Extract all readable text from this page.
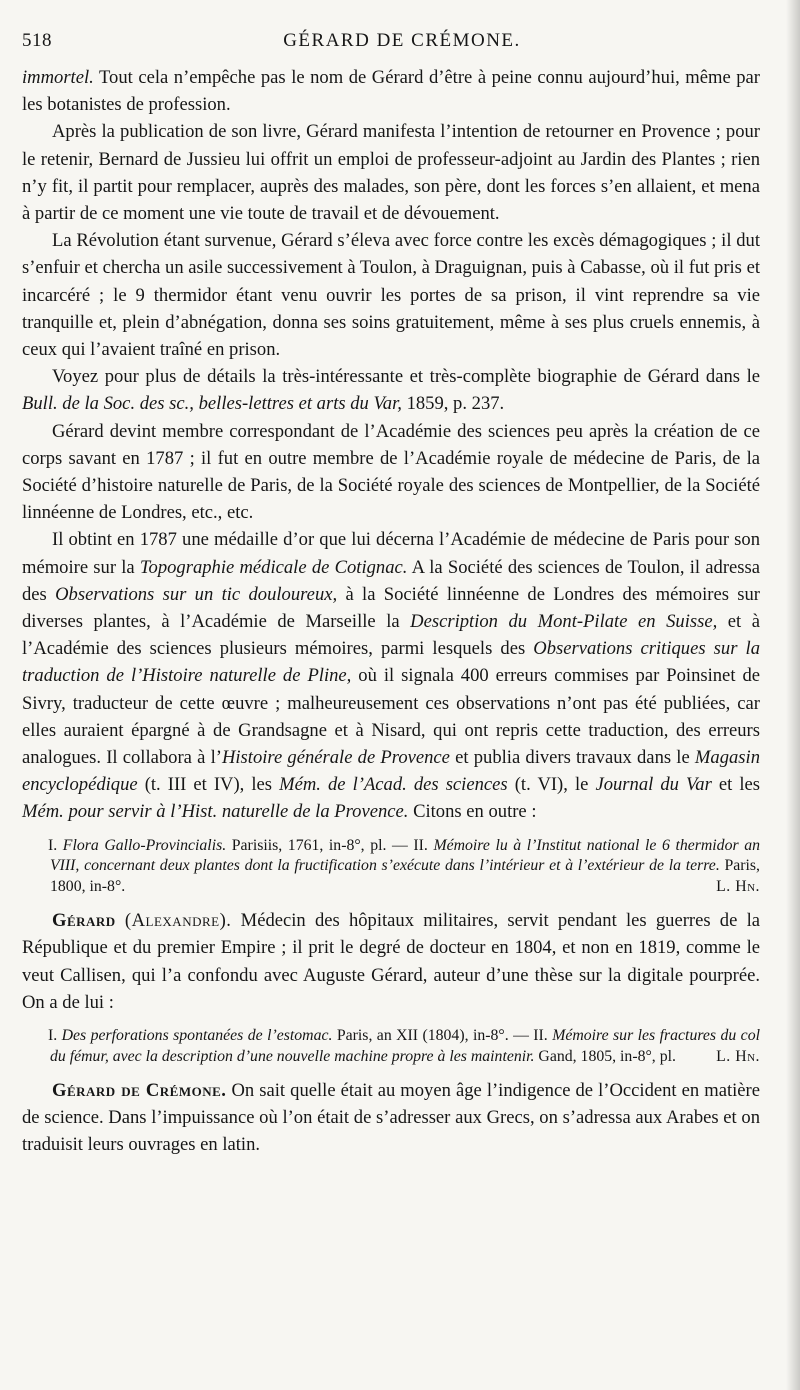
518	GÉRARD DE CRÉMONE.

immortel. Tout cela n’empêche pas le nom de Gérard d’être à peine connu aujourd’hui, même par les botanistes de profession.

Après la publication de son livre, Gérard manifesta l’intention de retourner en Provence ; pour le retenir, Bernard de Jussieu lui offrit un emploi de professeur-adjoint au Jardin des Plantes ; rien n’y fit, il partit pour remplacer, auprès des malades, son père, dont les forces s’en allaient, et mena à partir de ce moment une vie toute de travail et de dévouement.

La Révolution étant survenue, Gérard s’éleva avec force contre les excès démagogiques ; il dut s’enfuir et chercha un asile successivement à Toulon, à Draguignan, puis à Cabasse, où il fut pris et incarcéré ; le 9 thermidor étant venu ouvrir les portes de sa prison, il vint reprendre sa vie tranquille et, plein d’abnégation, donna ses soins gratuitement, même à ses plus cruels ennemis, à ceux qui l’avaient traîné en prison.

Voyez pour plus de détails la très-intéressante et très-complète biographie de Gérard dans le Bull. de la Soc. des sc., belles-lettres et arts du Var, 1859, p. 237.

Gérard devint membre correspondant de l’Académie des sciences peu après la création de ce corps savant en 1787 ; il fut en outre membre de l’Académie royale de médecine de Paris, de la Société d’histoire naturelle de Paris, de la Société royale des sciences de Montpellier, de la Société linnéenne de Londres, etc., etc.

Il obtint en 1787 une médaille d’or que lui décerna l’Académie de médecine de Paris pour son mémoire sur la Topographie médicale de Cotignac. A la Société des sciences de Toulon, il adressa des Observations sur un tic douloureux, à la Société linnéenne de Londres des mémoires sur diverses plantes, à l’Académie de Marseille la Description du Mont-Pilate en Suisse, et à l’Académie des sciences plusieurs mémoires, parmi lesquels des Observations critiques sur la traduction de l’Histoire naturelle de Pline, où il signala 400 erreurs commises par Poinsinet de Sivry, traducteur de cette œuvre ; malheureusement ces observations n’ont pas été publiées, car elles auraient épargné à de Grandsagne et à Nisard, qui ont repris cette traduction, des erreurs analogues. Il collabora à l’Histoire générale de Provence et publia divers travaux dans le Magasin encyclopédique (t. III et IV), les Mém. de l’Acad. des sciences (t. VI), le Journal du Var et les Mém. pour servir à l’Hist. naturelle de la Provence. Citons en outre :

I. Flora Gallo-Provincialis. Parisiis, 1761, in-8°, pl. — II. Mémoire lu à l’Institut national le 6 thermidor an VIII, concernant deux plantes dont la fructification s’exécute dans l’intérieur et à l’extérieur de la terre. Paris, 1800, in-8°.	L. Hn.

Gérard (Alexandre). Médecin des hôpitaux militaires, servit pendant les guerres de la République et du premier Empire ; il prit le degré de docteur en 1804, et non en 1819, comme le veut Callisen, qui l’a confondu avec Auguste Gérard, auteur d’une thèse sur la digitale pourprée. On a de lui :

I. Des perforations spontanées de l’estomac. Paris, an XII (1804), in-8°. — II. Mémoire sur les fractures du col du fémur, avec la description d’une nouvelle machine propre à les maintenir. Gand, 1805, in-8°, pl.	L. Hn.

Gérard de Crémone. On sait quelle était au moyen âge l’indigence de l’Occident en matière de science. Dans l’impuissance où l’on était de s’adresser aux Grecs, on s’adressa aux Arabes et on traduisit leurs ouvrages en latin.
